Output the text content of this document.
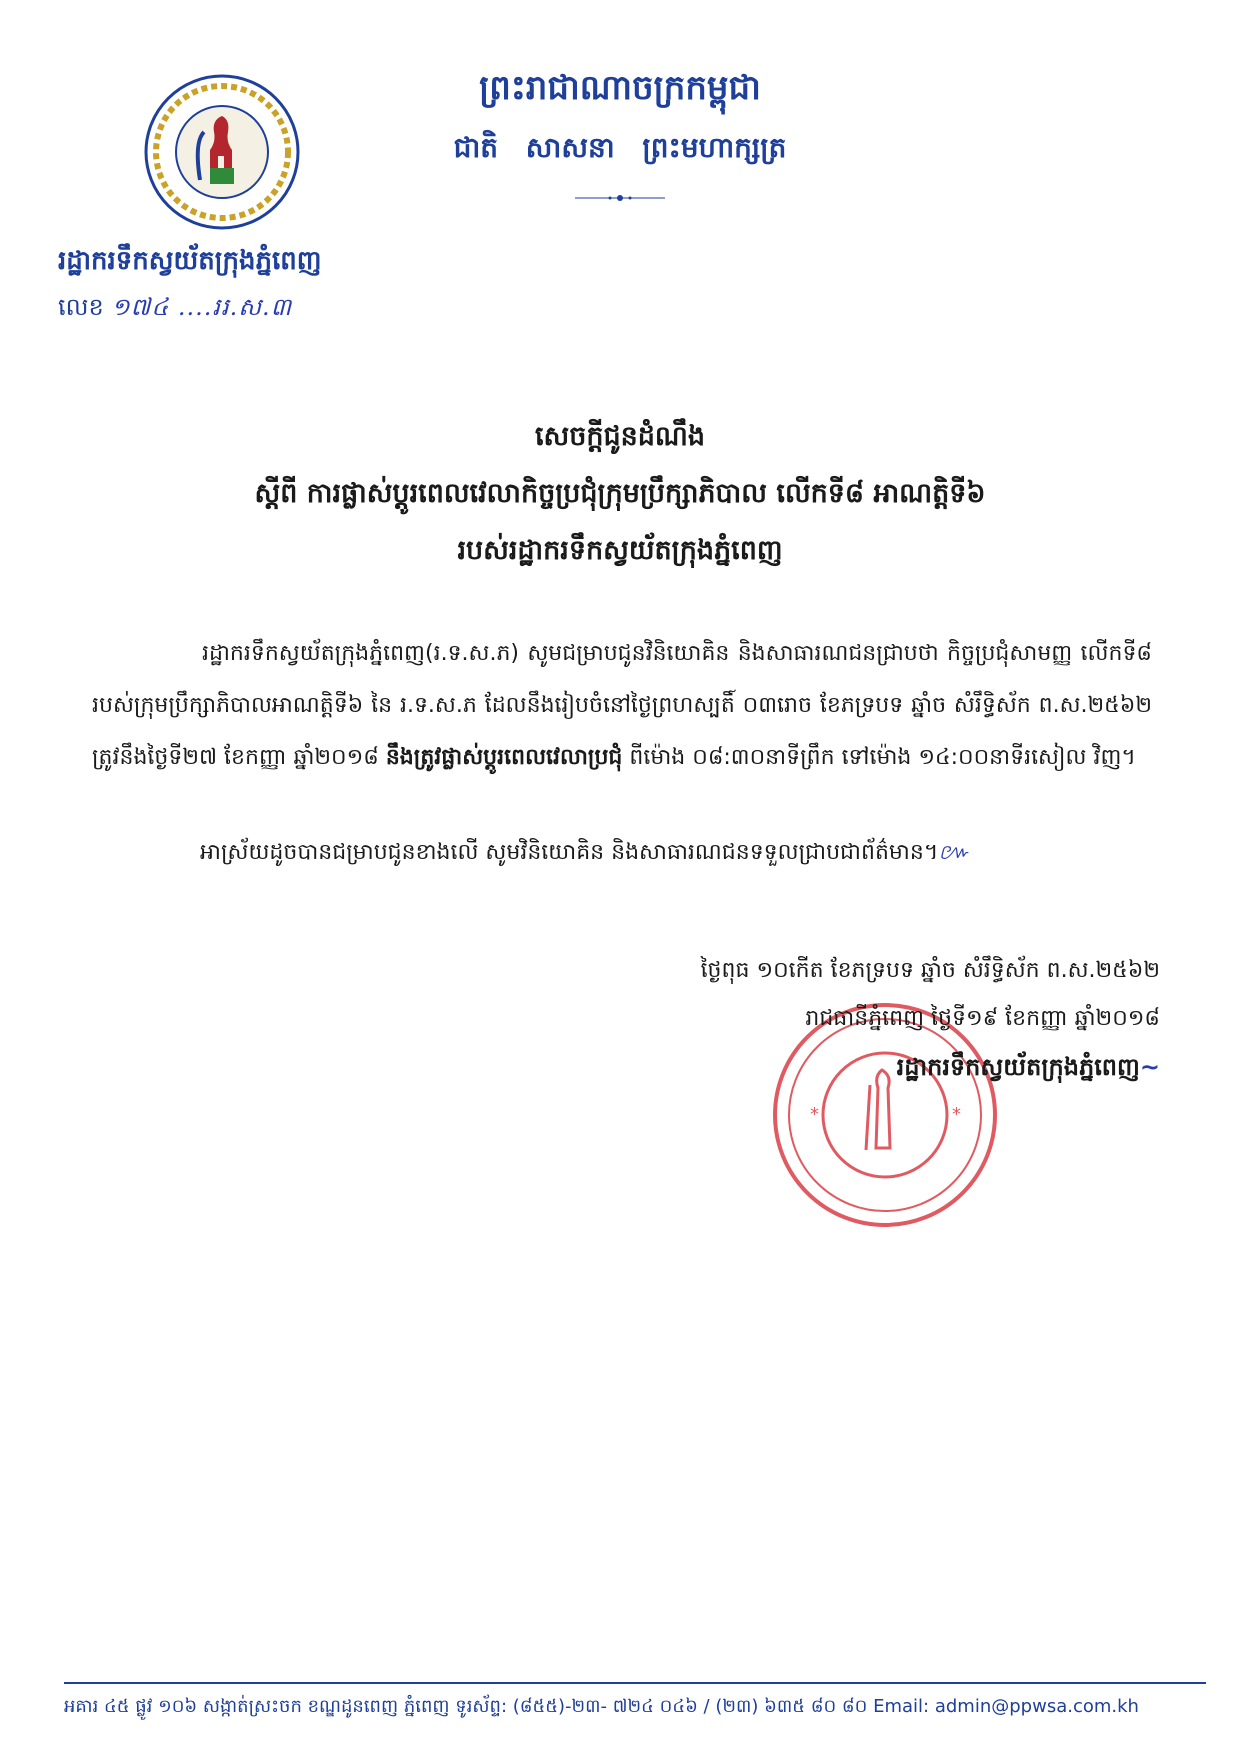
រដ្ឋាករទឹកស្វយ័តក្រុងភ្នំពេញ
លេខ ១៧៤ ....ររ.ស.៣
ព្រះរាជាណាចក្រកម្ពុជា
ជាតិ សាសនា ព្រះមហាក្សត្រ
សេចក្តីជូនដំណឹង
ស្តីពី ការផ្លាស់ប្តូរពេលវេលាកិច្ចប្រជុំក្រុមប្រឹក្សាភិបាល លើកទី៨ អាណត្តិទី៦
របស់រដ្ឋាករទឹកស្វយ័តក្រុងភ្នំពេញ
រដ្ឋាករទឹកស្វយ័តក្រុងភ្នំពេញ(រ.ទ.ស.ភ) សូមជម្រាបជូនវិនិយោគិន និងសាធារណជនជ្រាបថា កិច្ចប្រជុំសាមញ្ញ លើកទី៨ របស់ក្រុមប្រឹក្សាភិបាលអាណត្តិទី៦ នៃ រ.ទ.ស.ភ ដែលនឹងរៀបចំនៅថ្ងៃព្រហស្បតិ៍ ០៣រោច ខែភទ្របទ ឆ្នាំច សំរឹទ្ធិស័ក ព.ស.២៥៦២ ត្រូវនឹងថ្ងៃទី២៧ ខែកញ្ញា ឆ្នាំ២០១៨ នឹងត្រូវផ្លាស់ប្តូរពេលវេលាប្រជុំ ពីម៉ោង ០៨:៣០នាទីព្រឹក ទៅម៉ោង ១៤:០០នាទីរសៀល វិញ។
អាស្រ័យដូចបានជម្រាបជូនខាងលើ សូមវិនិយោគិន និងសាធារណជនទទួលជ្រាបជាព័ត៌មាន។៚
*	*
ថ្ងៃពុធ ១០កើត ខែភទ្របទ ឆ្នាំច សំរឹទ្ធិស័ក ព.ស.២៥៦២
រាជធានីភ្នំពេញ ថ្ងៃទី១៩ ខែកញ្ញា ឆ្នាំ២០១៨
រដ្ឋាករទឹកស្វយ័តក្រុងភ្នំពេញ~
អគារ ៤៥ ផ្លូវ ១០៦ សង្កាត់ស្រះចក ខណ្ឌដូនពេញ ភ្នំពេញ ទូរស័ព្ទ: (៨៥៥)-២៣- ៧២៤ ០៤៦ / (២៣) ៦៣៥ ៨០ ៨០ Email: admin@ppwsa.com.kh
